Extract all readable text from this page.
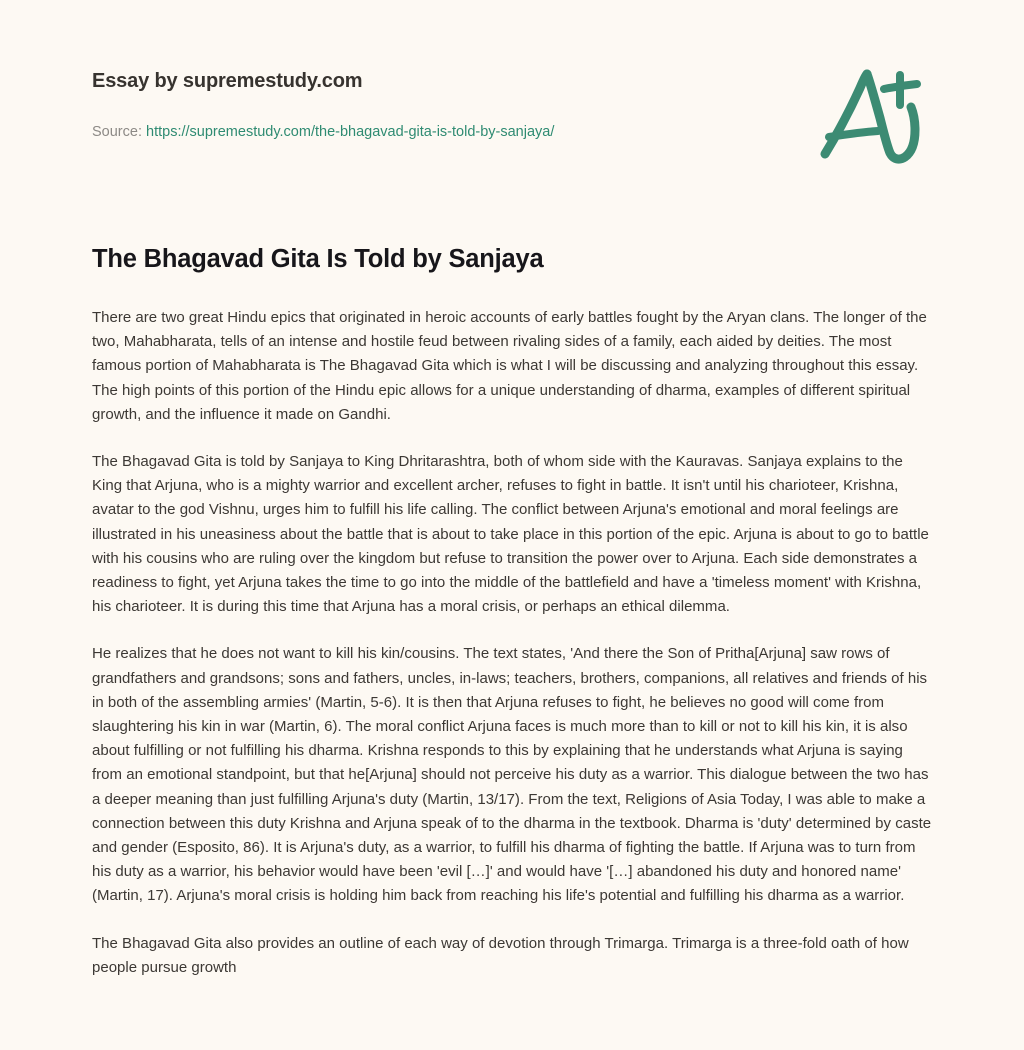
Essay by supremestudy.com
Source: https://supremestudy.com/the-bhagavad-gita-is-told-by-sanjaya/
The Bhagavad Gita Is Told by Sanjaya

There are two great Hindu epics that originated in heroic accounts of early battles fought by the Aryan clans. The longer of the two, Mahabharata, tells of an intense and hostile feud between rivaling sides of a family, each aided by deities. The most famous portion of Mahabharata is The Bhagavad Gita which is what I will be discussing and analyzing throughout this essay. The high points of this portion of the Hindu epic allows for a unique understanding of dharma, examples of different spiritual growth, and the influence it made on Gandhi.

The Bhagavad Gita is told by Sanjaya to King Dhritarashtra, both of whom side with the Kauravas. Sanjaya explains to the King that Arjuna, who is a mighty warrior and excellent archer, refuses to fight in battle. It isn't until his charioteer, Krishna, avatar to the god Vishnu, urges him to fulfill his life calling. The conflict between Arjuna's emotional and moral feelings are illustrated in his uneasiness about the battle that is about to take place in this portion of the epic. Arjuna is about to go to battle with his cousins who are ruling over the kingdom but refuse to transition the power over to Arjuna. Each side demonstrates a readiness to fight, yet Arjuna takes the time to go into the middle of the battlefield and have a 'timeless moment' with Krishna, his charioteer. It is during this time that Arjuna has a moral crisis, or perhaps an ethical dilemma.

He realizes that he does not want to kill his kin/cousins. The text states, 'And there the Son of Pritha[Arjuna] saw rows of grandfathers and grandsons; sons and fathers, uncles, in-laws; teachers, brothers, companions, all relatives and friends of his in both of the assembling armies' (Martin, 5-6). It is then that Arjuna refuses to fight, he believes no good will come from slaughtering his kin in war (Martin, 6). The moral conflict Arjuna faces is much more than to kill or not to kill his kin, it is also about fulfilling or not fulfilling his dharma. Krishna responds to this by explaining that he understands what Arjuna is saying from an emotional standpoint, but that he[Arjuna] should not perceive his duty as a warrior. This dialogue between the two has a deeper meaning than just fulfilling Arjuna's duty (Martin, 13/17). From the text, Religions of Asia Today, I was able to make a connection between this duty Krishna and Arjuna speak of to the dharma in the textbook. Dharma is 'duty' determined by caste and gender (Esposito, 86). It is Arjuna's duty, as a warrior, to fulfill his dharma of fighting the battle. If Arjuna was to turn from his duty as a warrior, his behavior would have been 'evil […]' and would have '[…] abandoned his duty and honored name' (Martin, 17). Arjuna's moral crisis is holding him back from reaching his life's potential and fulfilling his dharma as a warrior.

The Bhagavad Gita also provides an outline of each way of devotion through Trimarga. Trimarga is a three-fold oath of how people pursue growth
